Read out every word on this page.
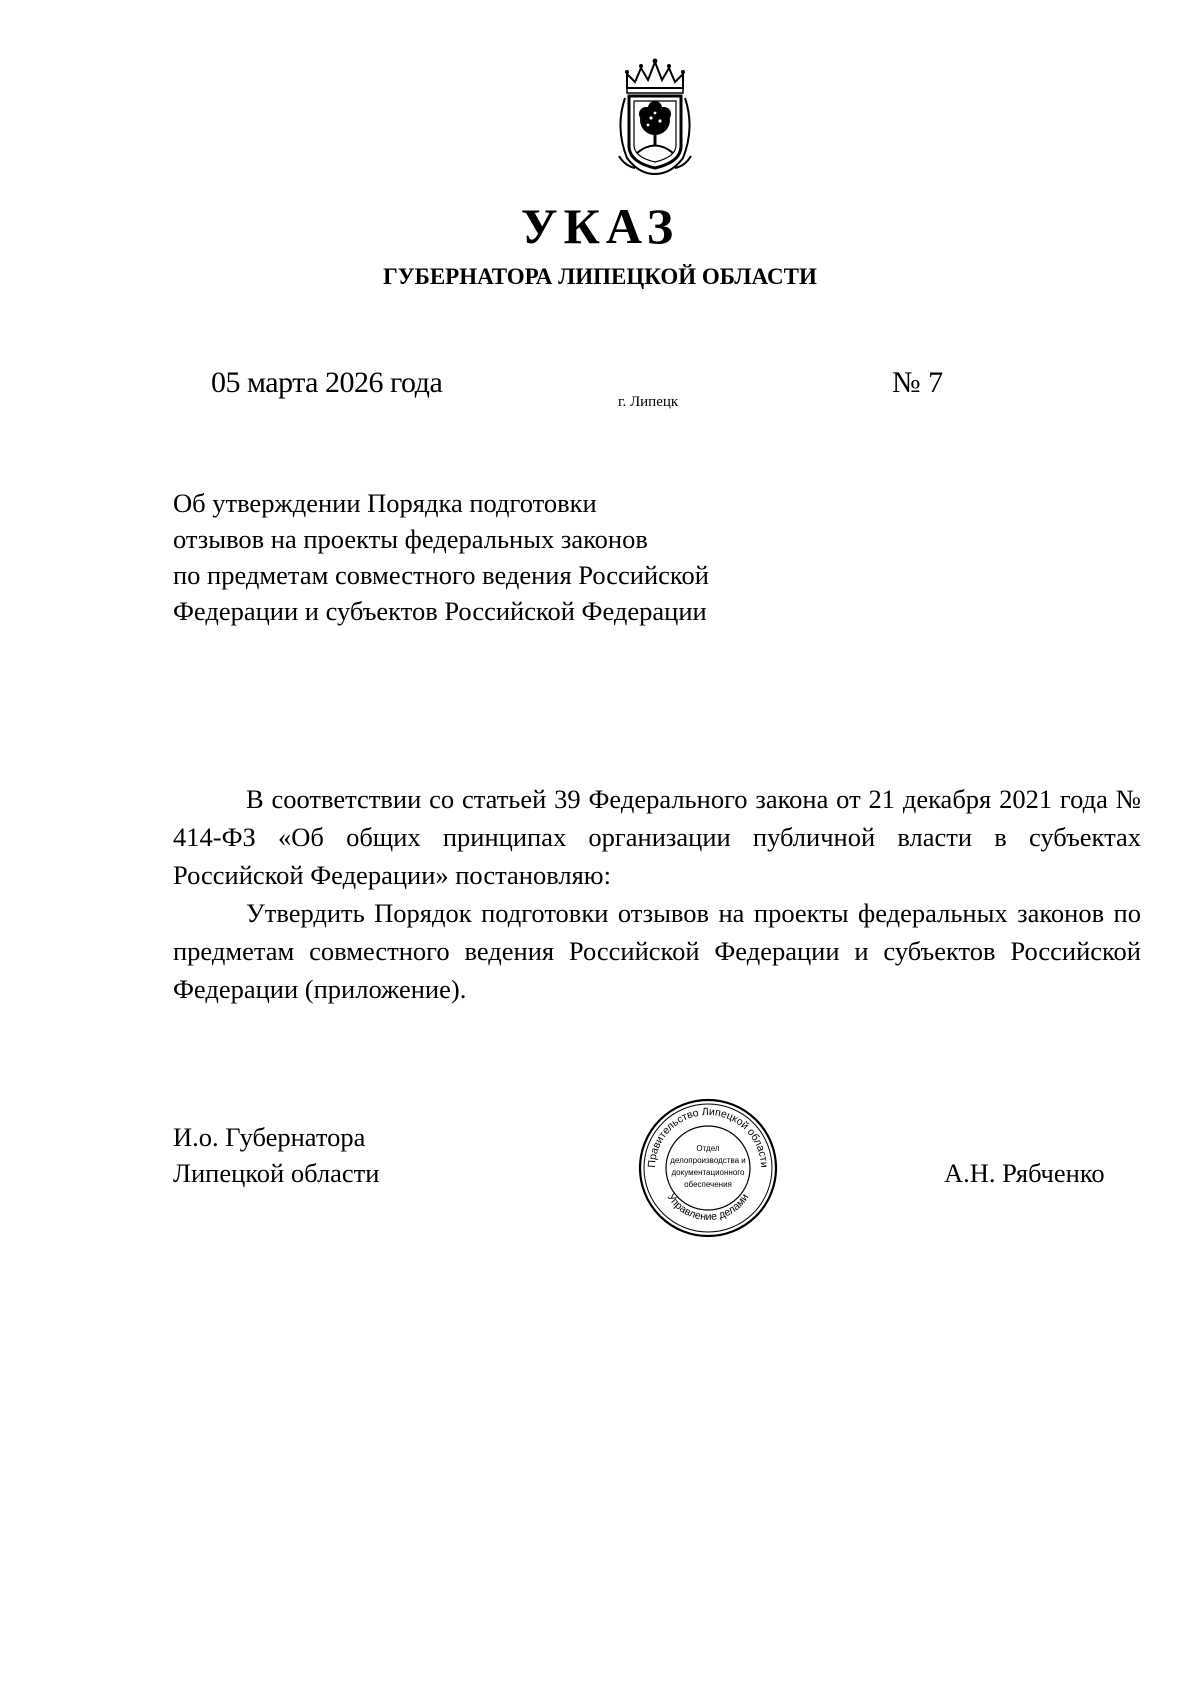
УКАЗ
ГУБЕРНАТОРА ЛИПЕЦКОЙ ОБЛАСТИ
05 марта 2026 года
г. Липецк
№ 7
Об утверждении Порядка подготовки
отзывов на проекты федеральных законов
по предметам совместного ведения Российской
Федерации и субъектов Российской Федерации

В соответствии со статьей 39 Федерального закона от 21 декабря 2021 года № 414-ФЗ «Об общих принципах организации публичной власти в субъектах Российской Федерации» постановляю:

Утвердить Порядок подготовки отзывов на проекты федеральных законов по предметам совместного ведения Российской Федерации и субъектов Российской Федерации (приложение).

И.о. Губернатора
Липецкой области	А.Н. Рябченко
Правительство Липецкой области
Управление делами
Отдел
делопроизводства и
документационного
обеспечения
